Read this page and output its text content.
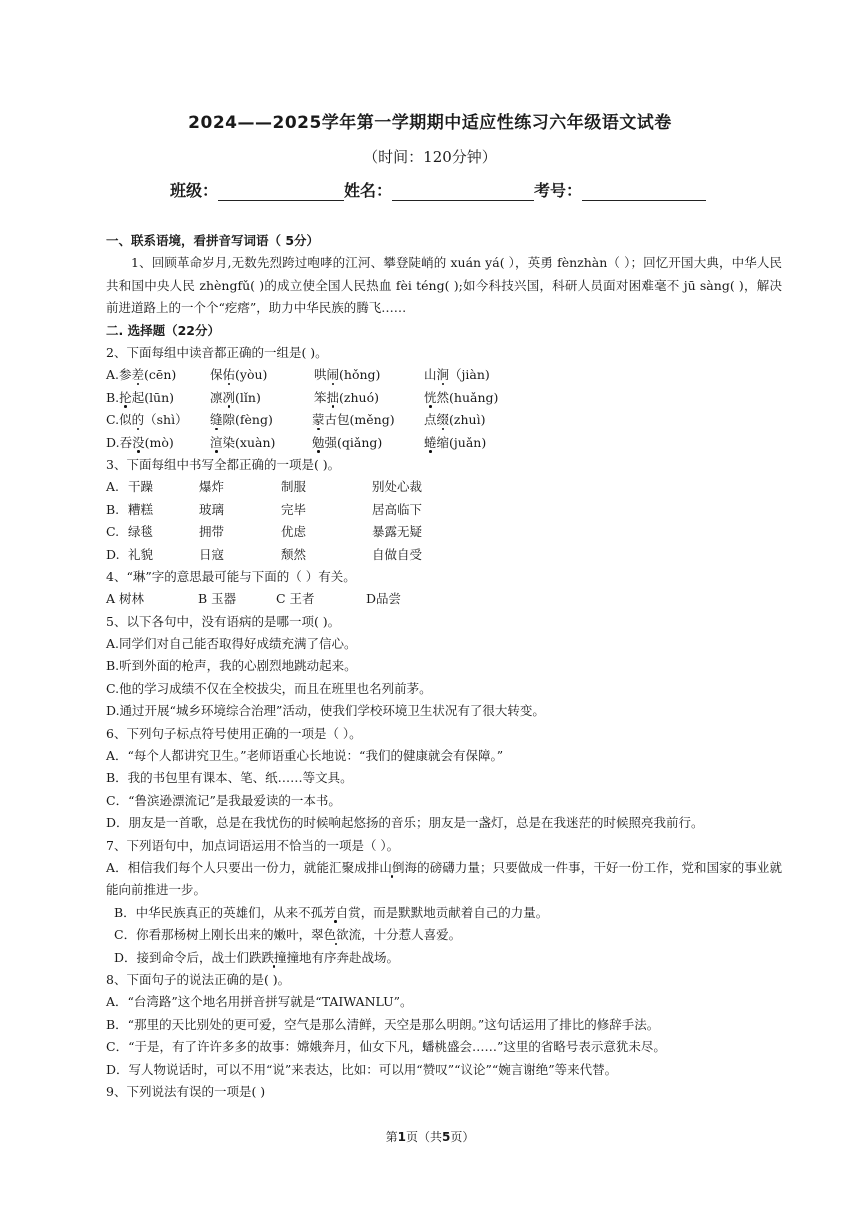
2024——2025学年第一学期期中适应性练习六年级语文试卷
（时间：120分钟）
班级：	姓名：	考号：
一、联系语境，看拼音写词语（ 5分）
1、回顾革命岁月,无数先烈跨过咆哮的江河、攀登陡峭的 xuán yá( ），英勇 fènzhàn（ ）；回忆开国大典，中华人民共和国中央人民 zhèngfǔ( )的成立使全国人民热血 fèi téng( );如今科技兴国，科研人员面对困难毫不 jū sàng( )，解决前进道路上的一个个“疙瘩”，助力中华民族的腾飞……
二. 选择题（22分）
2、下面每组中读音都正确的一组是( )。
A.参差(cēn)	保佑(yòu)	哄闹(hǒng)	山涧（jiàn)
B.抡起(lūn)	凛冽(lǐn)	笨拙(zhuó)	恍然(huǎng)
C.似的（shì） 缝隙(fèng)	蒙古包(měng) 点缀(zhuì)
D.吞没(mò)	渲染(xuàn)	勉强(qiǎng)	蜷缩(juǎn)
3、下面每组中书写全都正确的一项是( )。
A. 干躁	爆炸	制服	别处心裁
B. 糟糕	玻璃	完毕	居高临下
C. 绿毯	拥带	优虑	暴露无疑
D. 礼貌	日寇	颓然	自做自受
4、“琳”字的意思最可能与下面的（ ）有关。
A 树林	B 玉器	C 王者	D品尝
5、以下各句中，没有语病的是哪一项( )。
A.同学们对自己能否取得好成绩充满了信心。
B.听到外面的枪声，我的心剧烈地跳动起来。
C.他的学习成绩不仅在全校拔尖，而且在班里也名列前茅。
D.通过开展“城乡环境综合治理”活动，使我们学校环境卫生状况有了很大转变。
6、下列句子标点符号使用正确的一项是（ ）。
A．“每个人都讲究卫生。”老师语重心长地说：“我们的健康就会有保障。”
B．我的书包里有课本、笔、纸……等文具。
C．“鲁滨逊漂流记”是我最爱读的一本书。
D．朋友是一首歌，总是在我忧伤的时候响起悠扬的音乐；朋友是一盏灯，总是在我迷茫的时候照亮我前行。
7、下列语句中，加点词语运用不恰当的一项是（ ）。
A．相信我们每个人只要出一份力，就能汇聚成排山倒海的磅礴力量；只要做成一件事，干好一份工作，党和国家的事业就能向前推进一步。
B．中华民族真正的英雄们，从来不孤芳自赏，而是默默地贡献着自己的力量。
C．你看那杨树上刚长出来的嫩叶，翠色欲流，十分惹人喜爱。
D．接到命令后，战士们跌跌撞撞地有序奔赴战场。
8、下面句子的说法正确的是( )。
A．“台湾路”这个地名用拼音拼写就是“TAIWANLU”。
B．“那里的天比别处的更可爱，空气是那么清鲜，天空是那么明朗。”这句话运用了排比的修辞手法。
C．“于是，有了许许多多的故事：嫦娥奔月，仙女下凡，蟠桃盛会……”这里的省略号表示意犹未尽。
D．写人物说话时，可以不用“说”来表达，比如：可以用“赞叹”“议论”“婉言谢绝”等来代替。
9、下列说法有误的一项是( )
第1页（共5页）
